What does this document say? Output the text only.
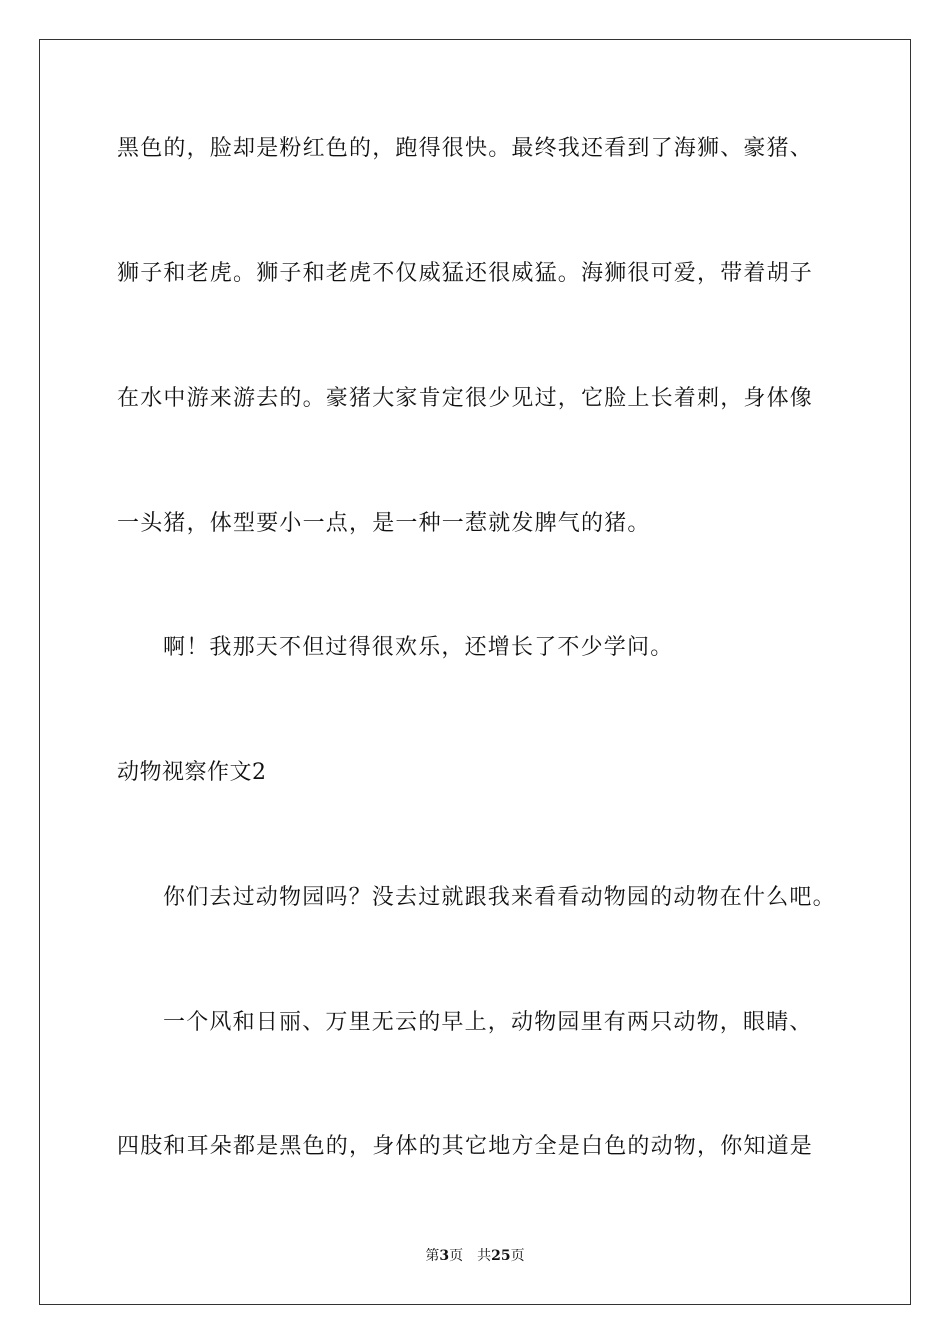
黑色的，脸却是粉红色的，跑得很快。最终我还看到了海狮、豪猪、
狮子和老虎。狮子和老虎不仅威猛还很威猛。海狮很可爱，带着胡子
在水中游来游去的。豪猪大家肯定很少见过，它脸上长着刺，身体像
一头猪，体型要小一点，是一种一惹就发脾气的猪。
啊！我那天不但过得很欢乐，还增长了不少学问。
动物视察作文2
你们去过动物园吗？没去过就跟我来看看动物园的动物在什么吧。
一个风和日丽、万里无云的早上，动物园里有两只动物，眼睛、
四肢和耳朵都是黑色的，身体的其它地方全是白色的动物，你知道是
第3页 共25页
